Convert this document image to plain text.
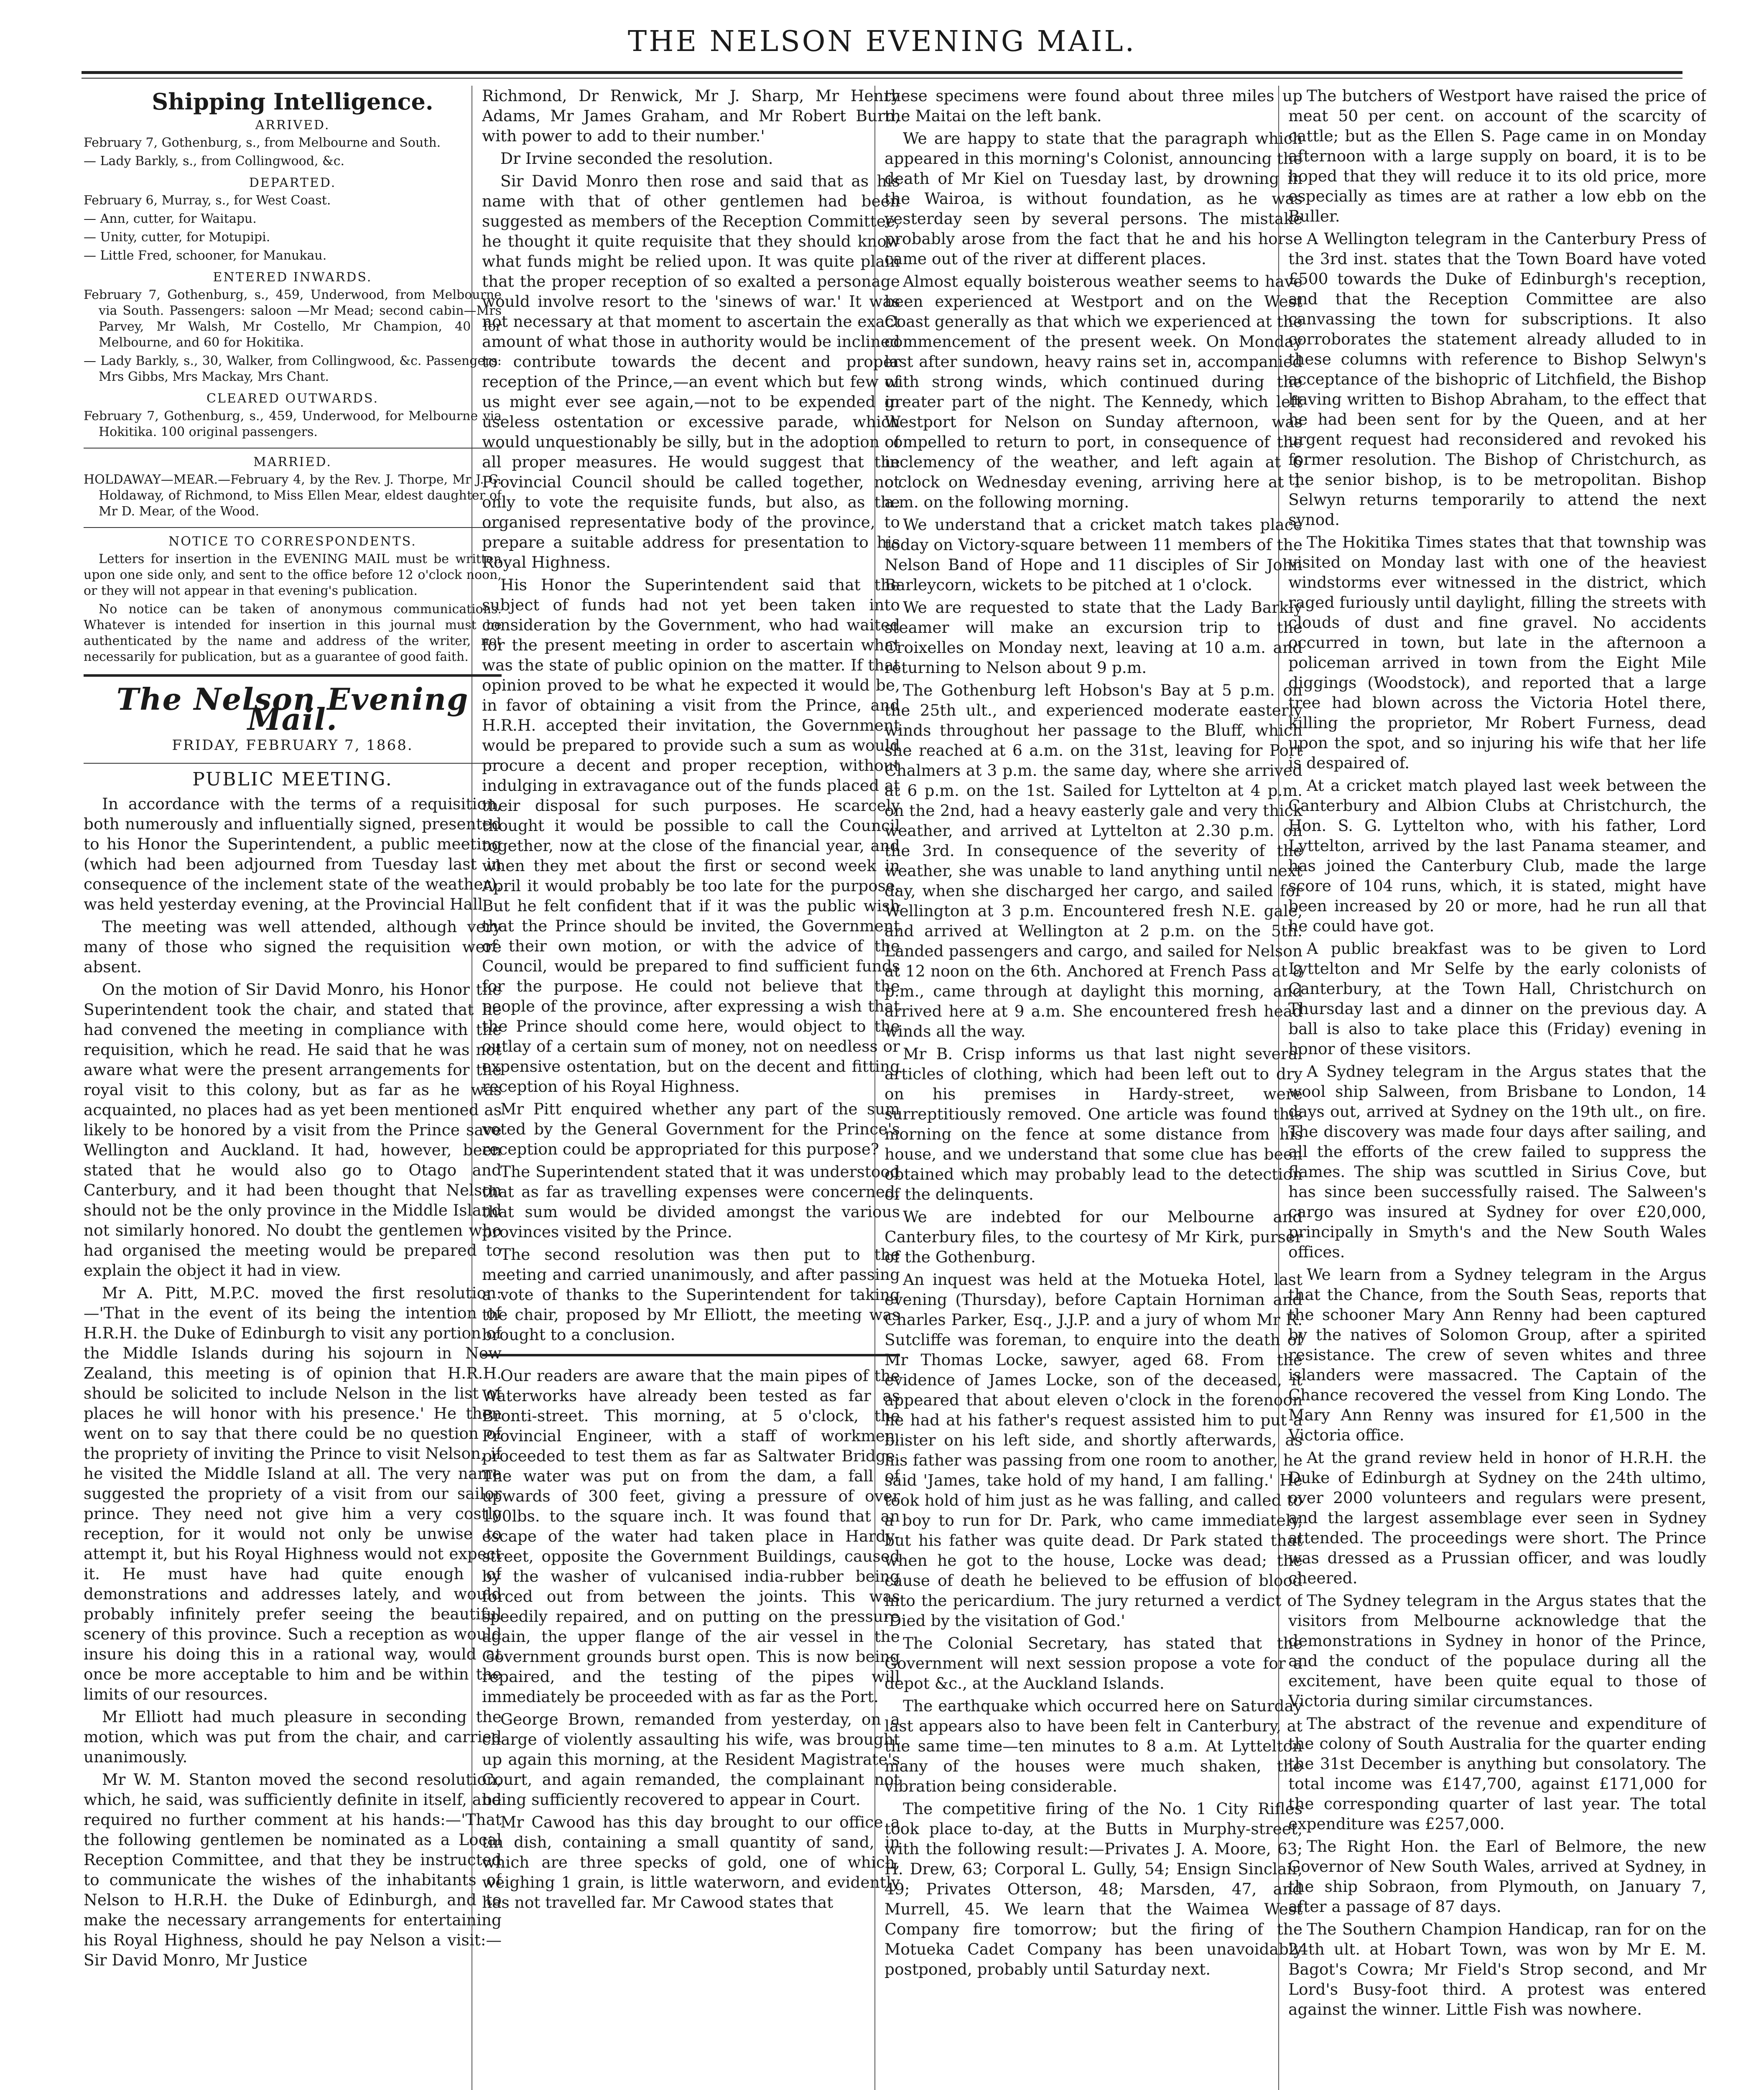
THE NELSON EVENING MAIL.
Shipping Intelligence.
ARRIVED.

February 7, Gothenburg, s., from Melbourne and South.

— Lady Barkly, s., from Collingwood, &c.

DEPARTED.

February 6, Murray, s., for West Coast.

— Ann, cutter, for Waitapu.

— Unity, cutter, for Motupipi.

— Little Fred, schooner, for Manukau.

ENTERED INWARDS.

February 7, Gothenburg, s., 459, Underwood, from Melbourne via South. Passengers: saloon —Mr Mead; second cabin—Mrs Parvey, Mr Walsh, Mr Costello, Mr Champion, 40 for Melbourne, and 60 for Hokitika.

— Lady Barkly, s., 30, Walker, from Collingwood, &c. Passengers: Mrs Gibbs, Mrs Mackay, Mrs Chant.

CLEARED OUTWARDS.

February 7, Gothenburg, s., 459, Underwood, for Melbourne via Hokitika. 100 original passengers.

MARRIED.

HOLDAWAY—MEAR.—February 4, by the Rev. J. Thorpe, Mr J. C. Holdaway, of Richmond, to Miss Ellen Mear, eldest daughter of Mr D. Mear, of the Wood.

NOTICE TO CORRESPONDENTS.

Letters for insertion in the EVENING MAIL must be written upon one side only, and sent to the office before 12 o'clock noon, or they will not appear in that evening's publication.

No notice can be taken of anonymous communications. Whatever is intended for insertion in this journal must be authenticated by the name and address of the writer, not necessarily for publication, but as a guarantee of good faith.

The Nelson Evening Mail.
FRIDAY, FEBRUARY 7, 1868.
PUBLIC MEETING.

In accordance with the terms of a requisition, both numerously and influentially signed, presented to his Honor the Superintendent, a public meeting (which had been adjourned from Tuesday last in consequence of the inclement state of the weather), was held yesterday evening, at the Provincial Hall.

The meeting was well attended, although very many of those who signed the requisition were absent.

On the motion of Sir David Monro, his Honor the Superintendent took the chair, and stated that he had convened the meeting in compliance with the requisition, which he read. He said that he was not aware what were the present arrangements for the royal visit to this colony, but as far as he was acquainted, no places had as yet been mentioned as likely to be honored by a visit from the Prince save Wellington and Auckland. It had, however, been stated that he would also go to Otago and Canterbury, and it had been thought that Nelson should not be the only province in the Middle Island not similarly honored. No doubt the gentlemen who had organised the meeting would be prepared to explain the object it had in view.

Mr A. Pitt, M.P.C. moved the first resolution:—'That in the event of its being the intention of H.R.H. the Duke of Edinburgh to visit any portion of the Middle Islands during his sojourn in New Zealand, this meeting is of opinion that H.R.H. should be solicited to include Nelson in the list of places he will honor with his presence.' He then went on to say that there could be no question of the propriety of inviting the Prince to visit Nelson, if he visited the Middle Island at all. The very name suggested the propriety of a visit from our sailor prince. They need not give him a very costly reception, for it would not only be unwise to attempt it, but his Royal Highness would not expect it. He must have had quite enough of demonstrations and addresses lately, and would probably infinitely prefer seeing the beautiful scenery of this province. Such a reception as would insure his doing this in a rational way, would at once be more acceptable to him and be within the limits of our resources.

Mr Elliott had much pleasure in seconding the motion, which was put from the chair, and carried unanimously.

Mr W. M. Stanton moved the second resolution, which, he said, was sufficiently definite in itself, and required no further comment at his hands:—'That the following gentlemen be nominated as a Local Reception Committee, and that they be instructed to communicate the wishes of the inhabitants of Nelson to H.R.H. the Duke of Edinburgh, and to make the necessary arrangements for entertaining his Royal Highness, should he pay Nelson a visit:—Sir David Monro, Mr Justice

Richmond, Dr Renwick, Mr J. Sharp, Mr Henry Adams, Mr James Graham, and Mr Robert Burn, with power to add to their number.'

Dr Irvine seconded the resolution.

Sir David Monro then rose and said that as his name with that of other gentlemen had been suggested as members of the Reception Committee, he thought it quite requisite that they should know what funds might be relied upon. It was quite plain that the proper reception of so exalted a personage would involve resort to the 'sinews of war.' It was not necessary at that moment to ascertain the exact amount of what those in authority would be inclined to contribute towards the decent and proper reception of the Prince,—an event which but few of us might ever see again,—not to be expended in useless ostentation or excessive parade, which would unquestionably be silly, but in the adoption of all proper measures. He would suggest that the Provincial Council should be called together, not only to vote the requisite funds, but also, as the organised representative body of the province, to prepare a suitable address for presentation to his Royal Highness.

His Honor the Superintendent said that the subject of funds had not yet been taken into consideration by the Government, who had waited for the present meeting in order to ascertain what was the state of public opinion on the matter. If that opinion proved to be what he expected it would be, in favor of obtaining a visit from the Prince, and H.R.H. accepted their invitation, the Government would be prepared to provide such a sum as would procure a decent and proper reception, without indulging in extravagance out of the funds placed at their disposal for such purposes. He scarcely thought it would be possible to call the Council together, now at the close of the financial year, and when they met about the first or second week in April it would probably be too late for the purpose. But he felt confident that if it was the public wish that the Prince should be invited, the Government of their own motion, or with the advice of the Council, would be prepared to find sufficient funds for the purpose. He could not believe that the people of the province, after expressing a wish that the Prince should come here, would object to the outlay of a certain sum of money, not on needless or expensive ostentation, but on the decent and fitting reception of his Royal Highness.

Mr Pitt enquired whether any part of the sum voted by the General Government for the Prince's reception could be appropriated for this purpose?

The Superintendent stated that it was understood that as far as travelling expenses were concerned, that sum would be divided amongst the various provinces visited by the Prince.

The second resolution was then put to the meeting and carried unanimously, and after passing a vote of thanks to the Superintendent for taking the chair, proposed by Mr Elliott, the meeting was brought to a conclusion.

Our readers are aware that the main pipes of the Waterworks have already been tested as far as Bronti-street. This morning, at 5 o'clock, the Provincial Engineer, with a staff of workmen, proceeded to test them as far as Saltwater Bridge. The water was put on from the dam, a fall of upwards of 300 feet, giving a pressure of over 100lbs. to the square inch. It was found that an escape of the water had taken place in Hardy-street, opposite the Government Buildings, caused by the washer of vulcanised india-rubber being forced out from between the joints. This was speedily repaired, and on putting on the pressure again, the upper flange of the air vessel in the Government grounds burst open. This is now being repaired, and the testing of the pipes will immediately be proceeded with as far as the Port.

George Brown, remanded from yesterday, on a charge of violently assaulting his wife, was brought up again this morning, at the Resident Magistrate's Court, and again remanded, the complainant not being sufficiently recovered to appear in Court.

Mr Cawood has this day brought to our office a tin dish, containing a small quantity of sand, in which are three specks of gold, one of which, weighing 1 grain, is little waterworn, and evidently has not travelled far. Mr Cawood states that

these specimens were found about three miles up the Maitai on the left bank.

We are happy to state that the paragraph which appeared in this morning's Colonist, announcing the death of Mr Kiel on Tuesday last, by drowning in the Wairoa, is without foundation, as he was yesterday seen by several persons. The mistake probably arose from the fact that he and his horse came out of the river at different places.

Almost equally boisterous weather seems to have been experienced at Westport and on the West Coast generally as that which we experienced at the commencement of the present week. On Monday last after sundown, heavy rains set in, accompanied with strong winds, which continued during the greater part of the night. The Kennedy, which left Westport for Nelson on Sunday afternoon, was compelled to return to port, in consequence of the inclemency of the weather, and left again at 6 o'clock on Wednesday evening, arriving here at 1 a.m. on the following morning.

We understand that a cricket match takes place today on Victory-square between 11 members of the Nelson Band of Hope and 11 disciples of Sir John Barleycorn, wickets to be pitched at 1 o'clock.

We are requested to state that the Lady Barkly steamer will make an excursion trip to the Croixelles on Monday next, leaving at 10 a.m. and returning to Nelson about 9 p.m.

The Gothenburg left Hobson's Bay at 5 p.m. on the 25th ult., and experienced moderate easterly winds throughout her passage to the Bluff, which she reached at 6 a.m. on the 31st, leaving for Port Chalmers at 3 p.m. the same day, where she arrived at 6 p.m. on the 1st. Sailed for Lyttelton at 4 p.m. on the 2nd, had a heavy easterly gale and very thick weather, and arrived at Lyttelton at 2.30 p.m. on the 3rd. In consequence of the severity of the weather, she was unable to land anything until next day, when she discharged her cargo, and sailed for Wellington at 3 p.m. Encountered fresh N.E. gale, and arrived at Wellington at 2 p.m. on the 5th. Landed passengers and cargo, and sailed for Nelson at 12 noon on the 6th. Anchored at French Pass at 8 p.m., came through at daylight this morning, and arrived here at 9 a.m. She encountered fresh head winds all the way.

Mr B. Crisp informs us that last night several articles of clothing, which had been left out to dry on his premises in Hardy-street, were surreptitiously removed. One article was found this morning on the fence at some distance from his house, and we understand that some clue has been obtained which may probably lead to the detection of the delinquents.

We are indebted for our Melbourne and Canterbury files, to the courtesy of Mr Kirk, purser of the Gothenburg.

An inquest was held at the Motueka Hotel, last evening (Thursday), before Captain Horniman and Charles Parker, Esq., J.J.P. and a jury of whom Mr R. Sutcliffe was foreman, to enquire into the death of Mr Thomas Locke, sawyer, aged 68. From the evidence of James Locke, son of the deceased, it appeared that about eleven o'clock in the forenoon he had at his father's request assisted him to put a blister on his left side, and shortly afterwards, as his father was passing from one room to another, he said 'James, take hold of my hand, I am falling.' He took hold of him just as he was falling, and called to a boy to run for Dr. Park, who came immediately, but his father was quite dead. Dr Park stated that when he got to the house, Locke was dead; the cause of death he believed to be effusion of blood into the pericardium. The jury returned a verdict of 'Died by the visitation of God.'

The Colonial Secretary, has stated that the Government will next session propose a vote for a depot &c., at the Auckland Islands.

The earthquake which occurred here on Saturday last appears also to have been felt in Canterbury, at the same time—ten minutes to 8 a.m. At Lyttelton many of the houses were much shaken, the vibration being considerable.

The competitive firing of the No. 1 City Rifles took place to-day, at the Butts in Murphy-street, with the following result:—Privates J. A. Moore, 63; H. Drew, 63; Corporal L. Gully, 54; Ensign Sinclair, 49; Privates Otterson, 48; Marsden, 47, and Murrell, 45. We learn that the Waimea West Company fire tomorrow; but the firing of the Motueka Cadet Company has been unavoidably postponed, probably until Saturday next.

The butchers of Westport have raised the price of meat 50 per cent. on account of the scarcity of cattle; but as the Ellen S. Page came in on Monday afternoon with a large supply on board, it is to be hoped that they will reduce it to its old price, more especially as times are at rather a low ebb on the Buller.

A Wellington telegram in the Canterbury Press of the 3rd inst. states that the Town Board have voted £500 towards the Duke of Edinburgh's reception, and that the Reception Committee are also canvassing the town for subscriptions. It also corroborates the statement already alluded to in these columns with reference to Bishop Selwyn's acceptance of the bishopric of Litchfield, the Bishop having written to Bishop Abraham, to the effect that he had been sent for by the Queen, and at her urgent request had reconsidered and revoked his former resolution. The Bishop of Christchurch, as the senior bishop, is to be metropolitan. Bishop Selwyn returns temporarily to attend the next synod.

The Hokitika Times states that that township was visited on Monday last with one of the heaviest windstorms ever witnessed in the district, which raged furiously until daylight, filling the streets with clouds of dust and fine gravel. No accidents occurred in town, but late in the afternoon a policeman arrived in town from the Eight Mile diggings (Woodstock), and reported that a large tree had blown across the Victoria Hotel there, killing the proprietor, Mr Robert Furness, dead upon the spot, and so injuring his wife that her life is despaired of.

At a cricket match played last week between the Canterbury and Albion Clubs at Christchurch, the Hon. S. G. Lyttelton who, with his father, Lord Lyttelton, arrived by the last Panama steamer, and has joined the Canterbury Club, made the large score of 104 runs, which, it is stated, might have been increased by 20 or more, had he run all that he could have got.

A public breakfast was to be given to Lord Lyttelton and Mr Selfe by the early colonists of Canterbury, at the Town Hall, Christchurch on Thursday last and a dinner on the previous day. A ball is also to take place this (Friday) evening in honor of these visitors.

A Sydney telegram in the Argus states that the wool ship Salween, from Brisbane to London, 14 days out, arrived at Sydney on the 19th ult., on fire. The discovery was made four days after sailing, and all the efforts of the crew failed to suppress the flames. The ship was scuttled in Sirius Cove, but has since been successfully raised. The Salween's cargo was insured at Sydney for over £20,000, principally in Smyth's and the New South Wales offices.

We learn from a Sydney telegram in the Argus that the Chance, from the South Seas, reports that the schooner Mary Ann Renny had been captured by the natives of Solomon Group, after a spirited resistance. The crew of seven whites and three islanders were massacred. The Captain of the Chance recovered the vessel from King Londo. The Mary Ann Renny was insured for £1,500 in the Victoria office.

At the grand review held in honor of H.R.H. the Duke of Edinburgh at Sydney on the 24th ultimo, over 2000 volunteers and regulars were present, and the largest assemblage ever seen in Sydney attended. The proceedings were short. The Prince was dressed as a Prussian officer, and was loudly cheered.

The Sydney telegram in the Argus states that the visitors from Melbourne acknowledge that the demonstrations in Sydney in honor of the Prince, and the conduct of the populace during all the excitement, have been quite equal to those of Victoria during similar circumstances.

The abstract of the revenue and expenditure of the colony of South Australia for the quarter ending the 31st December is anything but consolatory. The total income was £147,700, against £171,000 for the corresponding quarter of last year. The total expenditure was £257,000.

The Right Hon. the Earl of Belmore, the new Governor of New South Wales, arrived at Sydney, in the ship Sobraon, from Plymouth, on January 7, after a passage of 87 days.

The Southern Champion Handicap, ran for on the 24th ult. at Hobart Town, was won by Mr E. M. Bagot's Cowra; Mr Field's Strop second, and Mr Lord's Busy-foot third. A protest was entered against the winner. Little Fish was nowhere.
